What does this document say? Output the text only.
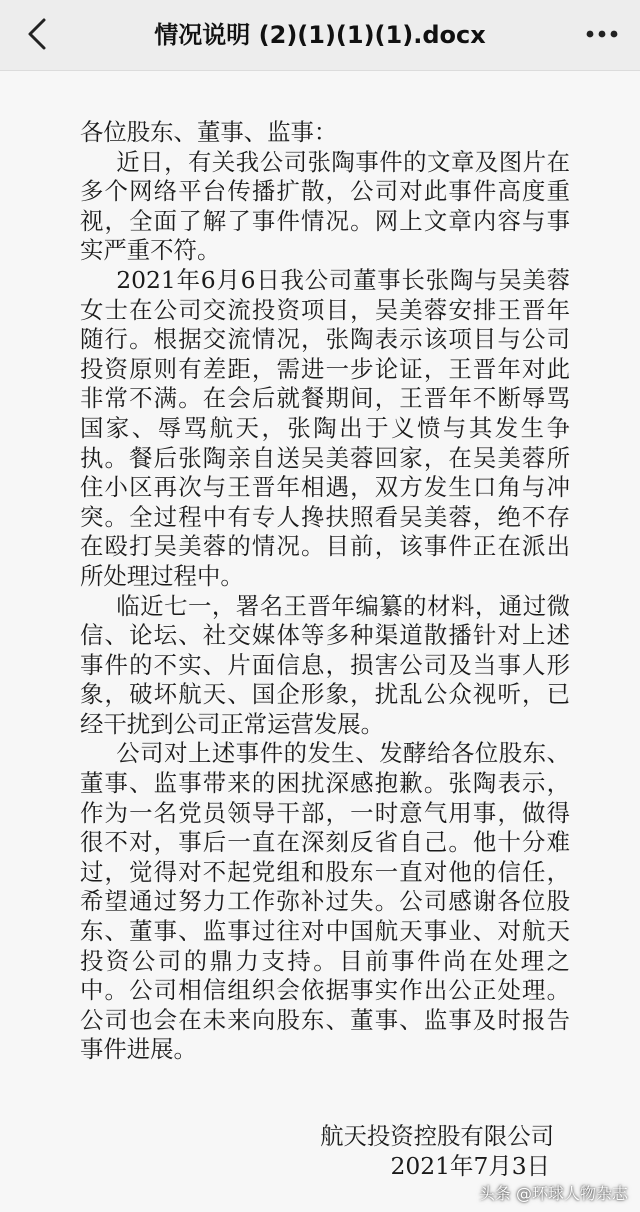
情况说明 (2)(1)(1)(1).docx

各位股东、董事、监事：

近日，有关我公司张陶事件的文章及图片在多个网络平台传播扩散，公司对此事件高度重视，全面了解了事件情况。网上文章内容与事实严重不符。

2021年6月6日我公司董事长张陶与吴美蓉女士在公司交流投资项目，吴美蓉安排王晋年随行。根据交流情况，张陶表示该项目与公司投资原则有差距，需进一步论证，王晋年对此非常不满。在会后就餐期间，王晋年不断辱骂国家、辱骂航天，张陶出于义愤与其发生争执。餐后张陶亲自送吴美蓉回家，在吴美蓉所住小区再次与王晋年相遇，双方发生口角与冲突。全过程中有专人搀扶照看吴美蓉，绝不存在殴打吴美蓉的情况。目前，该事件正在派出所处理过程中。

临近七一，署名王晋年编纂的材料，通过微信、论坛、社交媒体等多种渠道散播针对上述事件的不实、片面信息，损害公司及当事人形象，破坏航天、国企形象，扰乱公众视听，已经干扰到公司正常运营发展。

公司对上述事件的发生、发酵给各位股东、董事、监事带来的困扰深感抱歉。张陶表示，作为一名党员领导干部，一时意气用事，做得很不对，事后一直在深刻反省自己。他十分难过，觉得对不起党组和股东一直对他的信任，希望通过努力工作弥补过失。公司感谢各位股东、董事、监事过往对中国航天事业、对航天投资公司的鼎力支持。目前事件尚在处理之中。公司相信组织会依据事实作出公正处理。公司也会在未来向股东、董事、监事及时报告事件进展。

航天投资控股有限公司
2021年7月3日
头条 @环球人物杂志
